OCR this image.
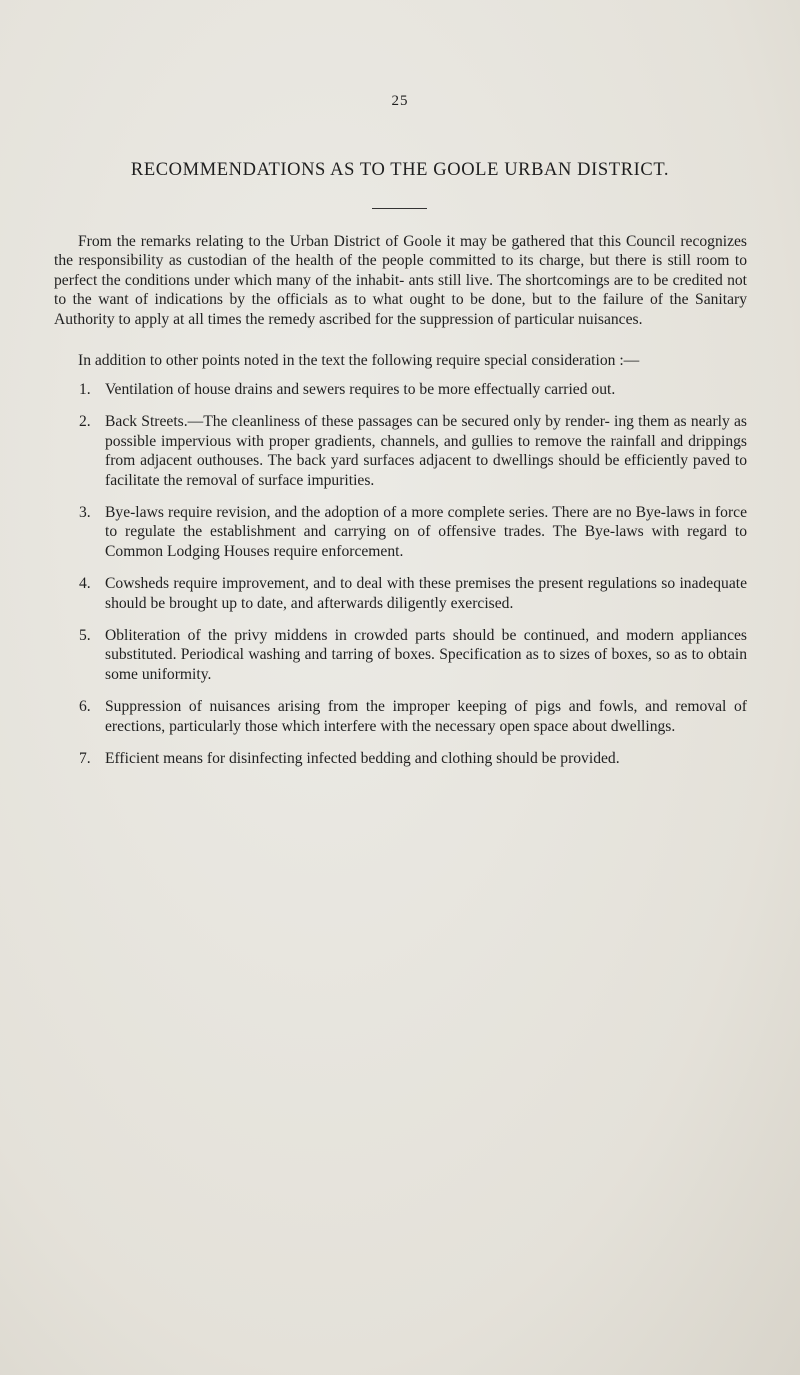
25
RECOMMENDATIONS AS TO THE GOOLE URBAN DISTRICT.

From the remarks relating to the Urban District of Goole it may be gathered that this Council recognizes the responsibility as custodian of the health of the people committed to its charge, but there is still room to perfect the conditions under which many of the inhabit- ants still live. The shortcomings are to be credited not to the want of indications by the officials as to what ought to be done, but to the failure of the Sanitary Authority to apply at all times the remedy ascribed for the suppression of particular nuisances.

In addition to other points noted in the text the following require special consideration :—

1. Ventilation of house drains and sewers requires to be more effectually carried out.
2. Back Streets.—The cleanliness of these passages can be secured only by render- ing them as nearly as possible impervious with proper gradients, channels, and gullies to remove the rainfall and drippings from adjacent outhouses. The back yard surfaces adjacent to dwellings should be efficiently paved to facilitate the removal of surface impurities.
3. Bye-laws require revision, and the adoption of a more complete series. There are no Bye-laws in force to regulate the establishment and carrying on of offensive trades. The Bye-laws with regard to Common Lodging Houses require enforcement.
4. Cowsheds require improvement, and to deal with these premises the present regulations so inadequate should be brought up to date, and afterwards diligently exercised.
5. Obliteration of the privy middens in crowded parts should be continued, and modern appliances substituted. Periodical washing and tarring of boxes. Specification as to sizes of boxes, so as to obtain some uniformity.
6. Suppression of nuisances arising from the improper keeping of pigs and fowls, and removal of erections, particularly those which interfere with the necessary open space about dwellings.
7. Efficient means for disinfecting infected bedding and clothing should be provided.
